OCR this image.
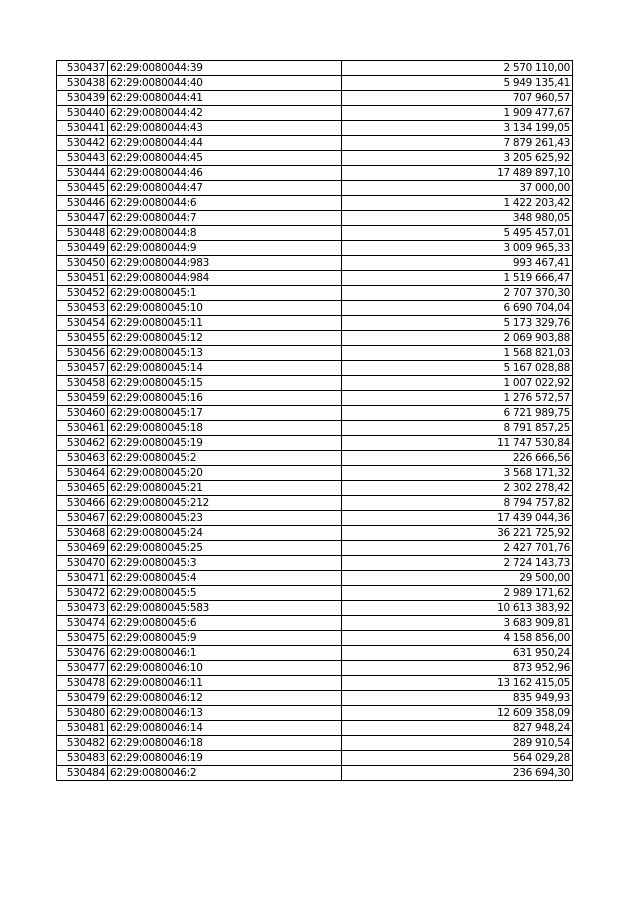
530437	62:29:0080044:39	2 570 110,00
530438	62:29:0080044:40	5 949 135,41
530439	62:29:0080044:41	707 960,57
530440	62:29:0080044:42	1 909 477,67
530441	62:29:0080044:43	3 134 199,05
530442	62:29:0080044:44	7 879 261,43
530443	62:29:0080044:45	3 205 625,92
530444	62:29:0080044:46	17 489 897,10
530445	62:29:0080044:47	37 000,00
530446	62:29:0080044:6	1 422 203,42
530447	62:29:0080044:7	348 980,05
530448	62:29:0080044:8	5 495 457,01
530449	62:29:0080044:9	3 009 965,33
530450	62:29:0080044:983	993 467,41
530451	62:29:0080044:984	1 519 666,47
530452	62:29:0080045:1	2 707 370,30
530453	62:29:0080045:10	6 690 704,04
530454	62:29:0080045:11	5 173 329,76
530455	62:29:0080045:12	2 069 903,88
530456	62:29:0080045:13	1 568 821,03
530457	62:29:0080045:14	5 167 028,88
530458	62:29:0080045:15	1 007 022,92
530459	62:29:0080045:16	1 276 572,57
530460	62:29:0080045:17	6 721 989,75
530461	62:29:0080045:18	8 791 857,25
530462	62:29:0080045:19	11 747 530,84
530463	62:29:0080045:2	226 666,56
530464	62:29:0080045:20	3 568 171,32
530465	62:29:0080045:21	2 302 278,42
530466	62:29:0080045:212	8 794 757,82
530467	62:29:0080045:23	17 439 044,36
530468	62:29:0080045:24	36 221 725,92
530469	62:29:0080045:25	2 427 701,76
530470	62:29:0080045:3	2 724 143,73
530471	62:29:0080045:4	29 500,00
530472	62:29:0080045:5	2 989 171,62
530473	62:29:0080045:583	10 613 383,92
530474	62:29:0080045:6	3 683 909,81
530475	62:29:0080045:9	4 158 856,00
530476	62:29:0080046:1	631 950,24
530477	62:29:0080046:10	873 952,96
530478	62:29:0080046:11	13 162 415,05
530479	62:29:0080046:12	835 949,93
530480	62:29:0080046:13	12 609 358,09
530481	62:29:0080046:14	827 948,24
530482	62:29:0080046:18	289 910,54
530483	62:29:0080046:19	564 029,28
530484	62:29:0080046:2	236 694,30
